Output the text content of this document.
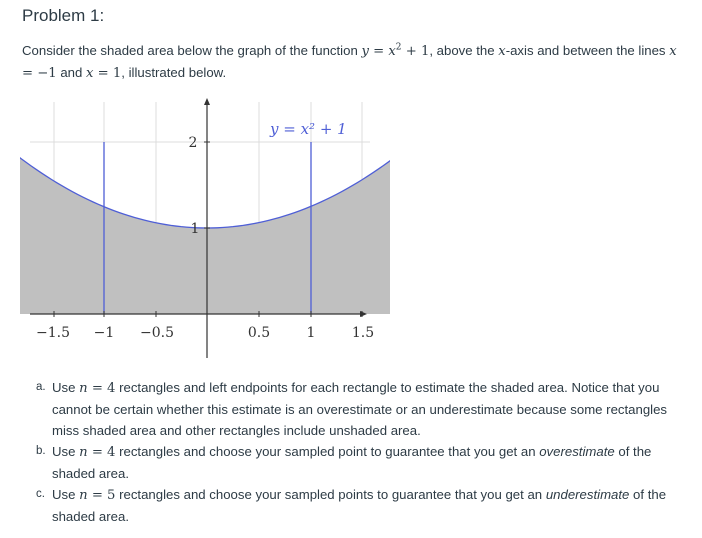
Problem 1:
Consider the shaded area below the graph of the function $y = x^2 + 1$, above the x-axis and between the lines x = −1 and x = 1, illustrated below.
−1.5 −1 −0.5	0.5	1	1.5
2
1
y = x² + 1
a. Use n = 4 rectangles and left endpoints for each rectangle to estimate the shaded area. Notice that you cannot be certain whether this estimate is an overestimate or an underestimate because some rectangles miss shaded area and other rectangles include unshaded area.
b. Use n = 4 rectangles and choose your sampled point to guarantee that you get an overestimate of the shaded area.
c. Use n = 5 rectangles and choose your sampled points to guarantee that you get an underestimate of the shaded area.
